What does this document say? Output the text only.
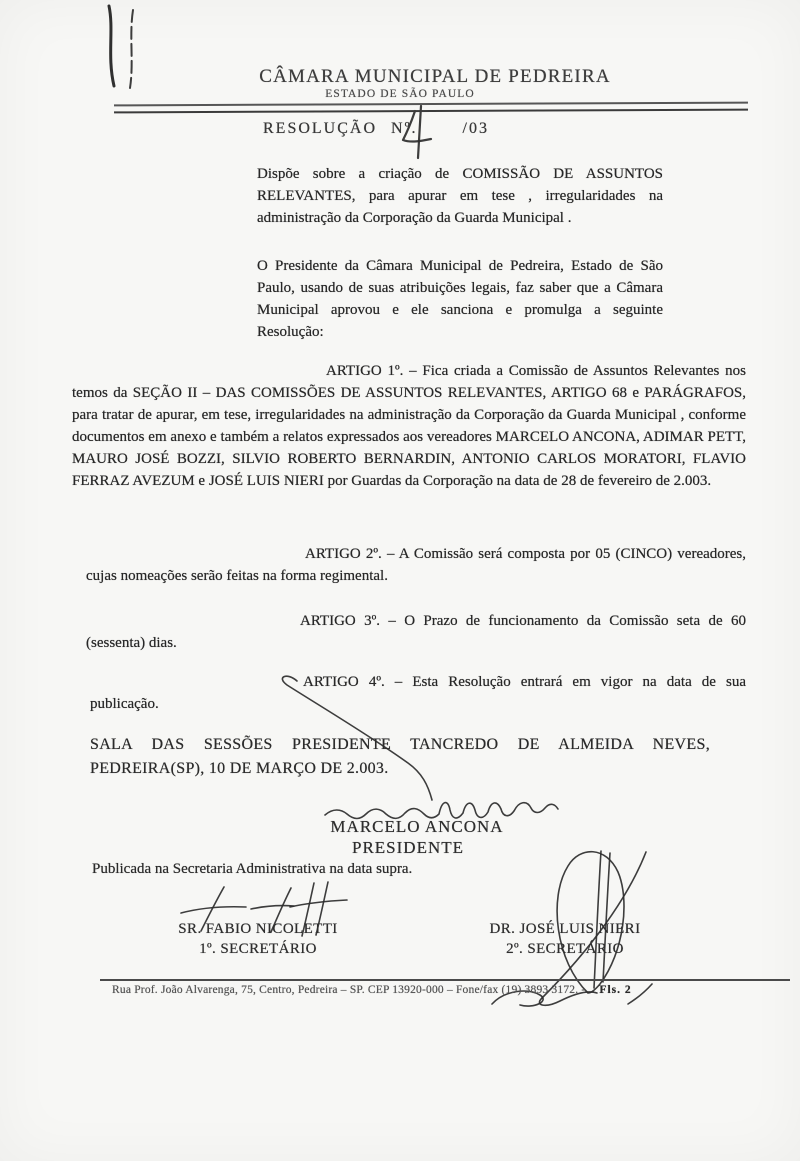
CÂMARA MUNICIPAL DE PEDREIRA
ESTADO DE SÃO PAULO
RESOLUÇÃO Nº.	/03

Dispõe sobre a criação de COMISSÃO DE ASSUNTOS RELEVANTES, para apurar em tese , irregularidades na administração da Corporação da Guarda Municipal .

O Presidente da Câmara Municipal de Pedreira, Estado de São Paulo, usando de suas atribuições legais, faz saber que a Câmara Municipal aprovou e ele sanciona e promulga a seguinte Resolução:

ARTIGO 1º. – Fica criada a Comissão de Assuntos Relevantes nos temos da SEÇÃO II – DAS COMISSÕES DE ASSUNTOS RELEVANTES, ARTIGO 68 e PARÁGRAFOS, para tratar de apurar, em tese, irregularidades na administração da Corporação da Guarda Municipal , conforme documentos em anexo e também a relatos expressados aos vereadores MARCELO ANCONA, ADIMAR PETT, MAURO JOSÉ BOZZI, SILVIO ROBERTO BERNARDIN, ANTONIO CARLOS MORATORI, FLAVIO FERRAZ AVEZUM e JOSÉ LUIS NIERI por Guardas da Corporação na data de 28 de fevereiro de 2.003.

ARTIGO 2º. – A Comissão será composta por 05 (CINCO) vereadores, cujas nomeações serão feitas na forma regimental.

ARTIGO 3º. – O Prazo de funcionamento da Comissão seta de 60 (sessenta) dias.

ARTIGO 4º. – Esta Resolução entrará em vigor na data de sua publicação.

SALA DAS SESSÕES PRESIDENTE TANCREDO DE ALMEIDA NEVES, PEDREIRA(SP), 10 DE MARÇO DE 2.003.

MARCELO ANCONA
PRESIDENTE
Publicada na Secretaria Administrativa na data supra.
SR. FABIO NICOLETTI
1º. SECRETÁRIO
DR. JOSÉ LUIS NIERI
2º. SECRETÁRIO
Rua Prof. João Alvarenga, 75, Centro, Pedreira – SP. CEP 13920-000 – Fone/fax (19) 3893 3172. - Fls. 2
